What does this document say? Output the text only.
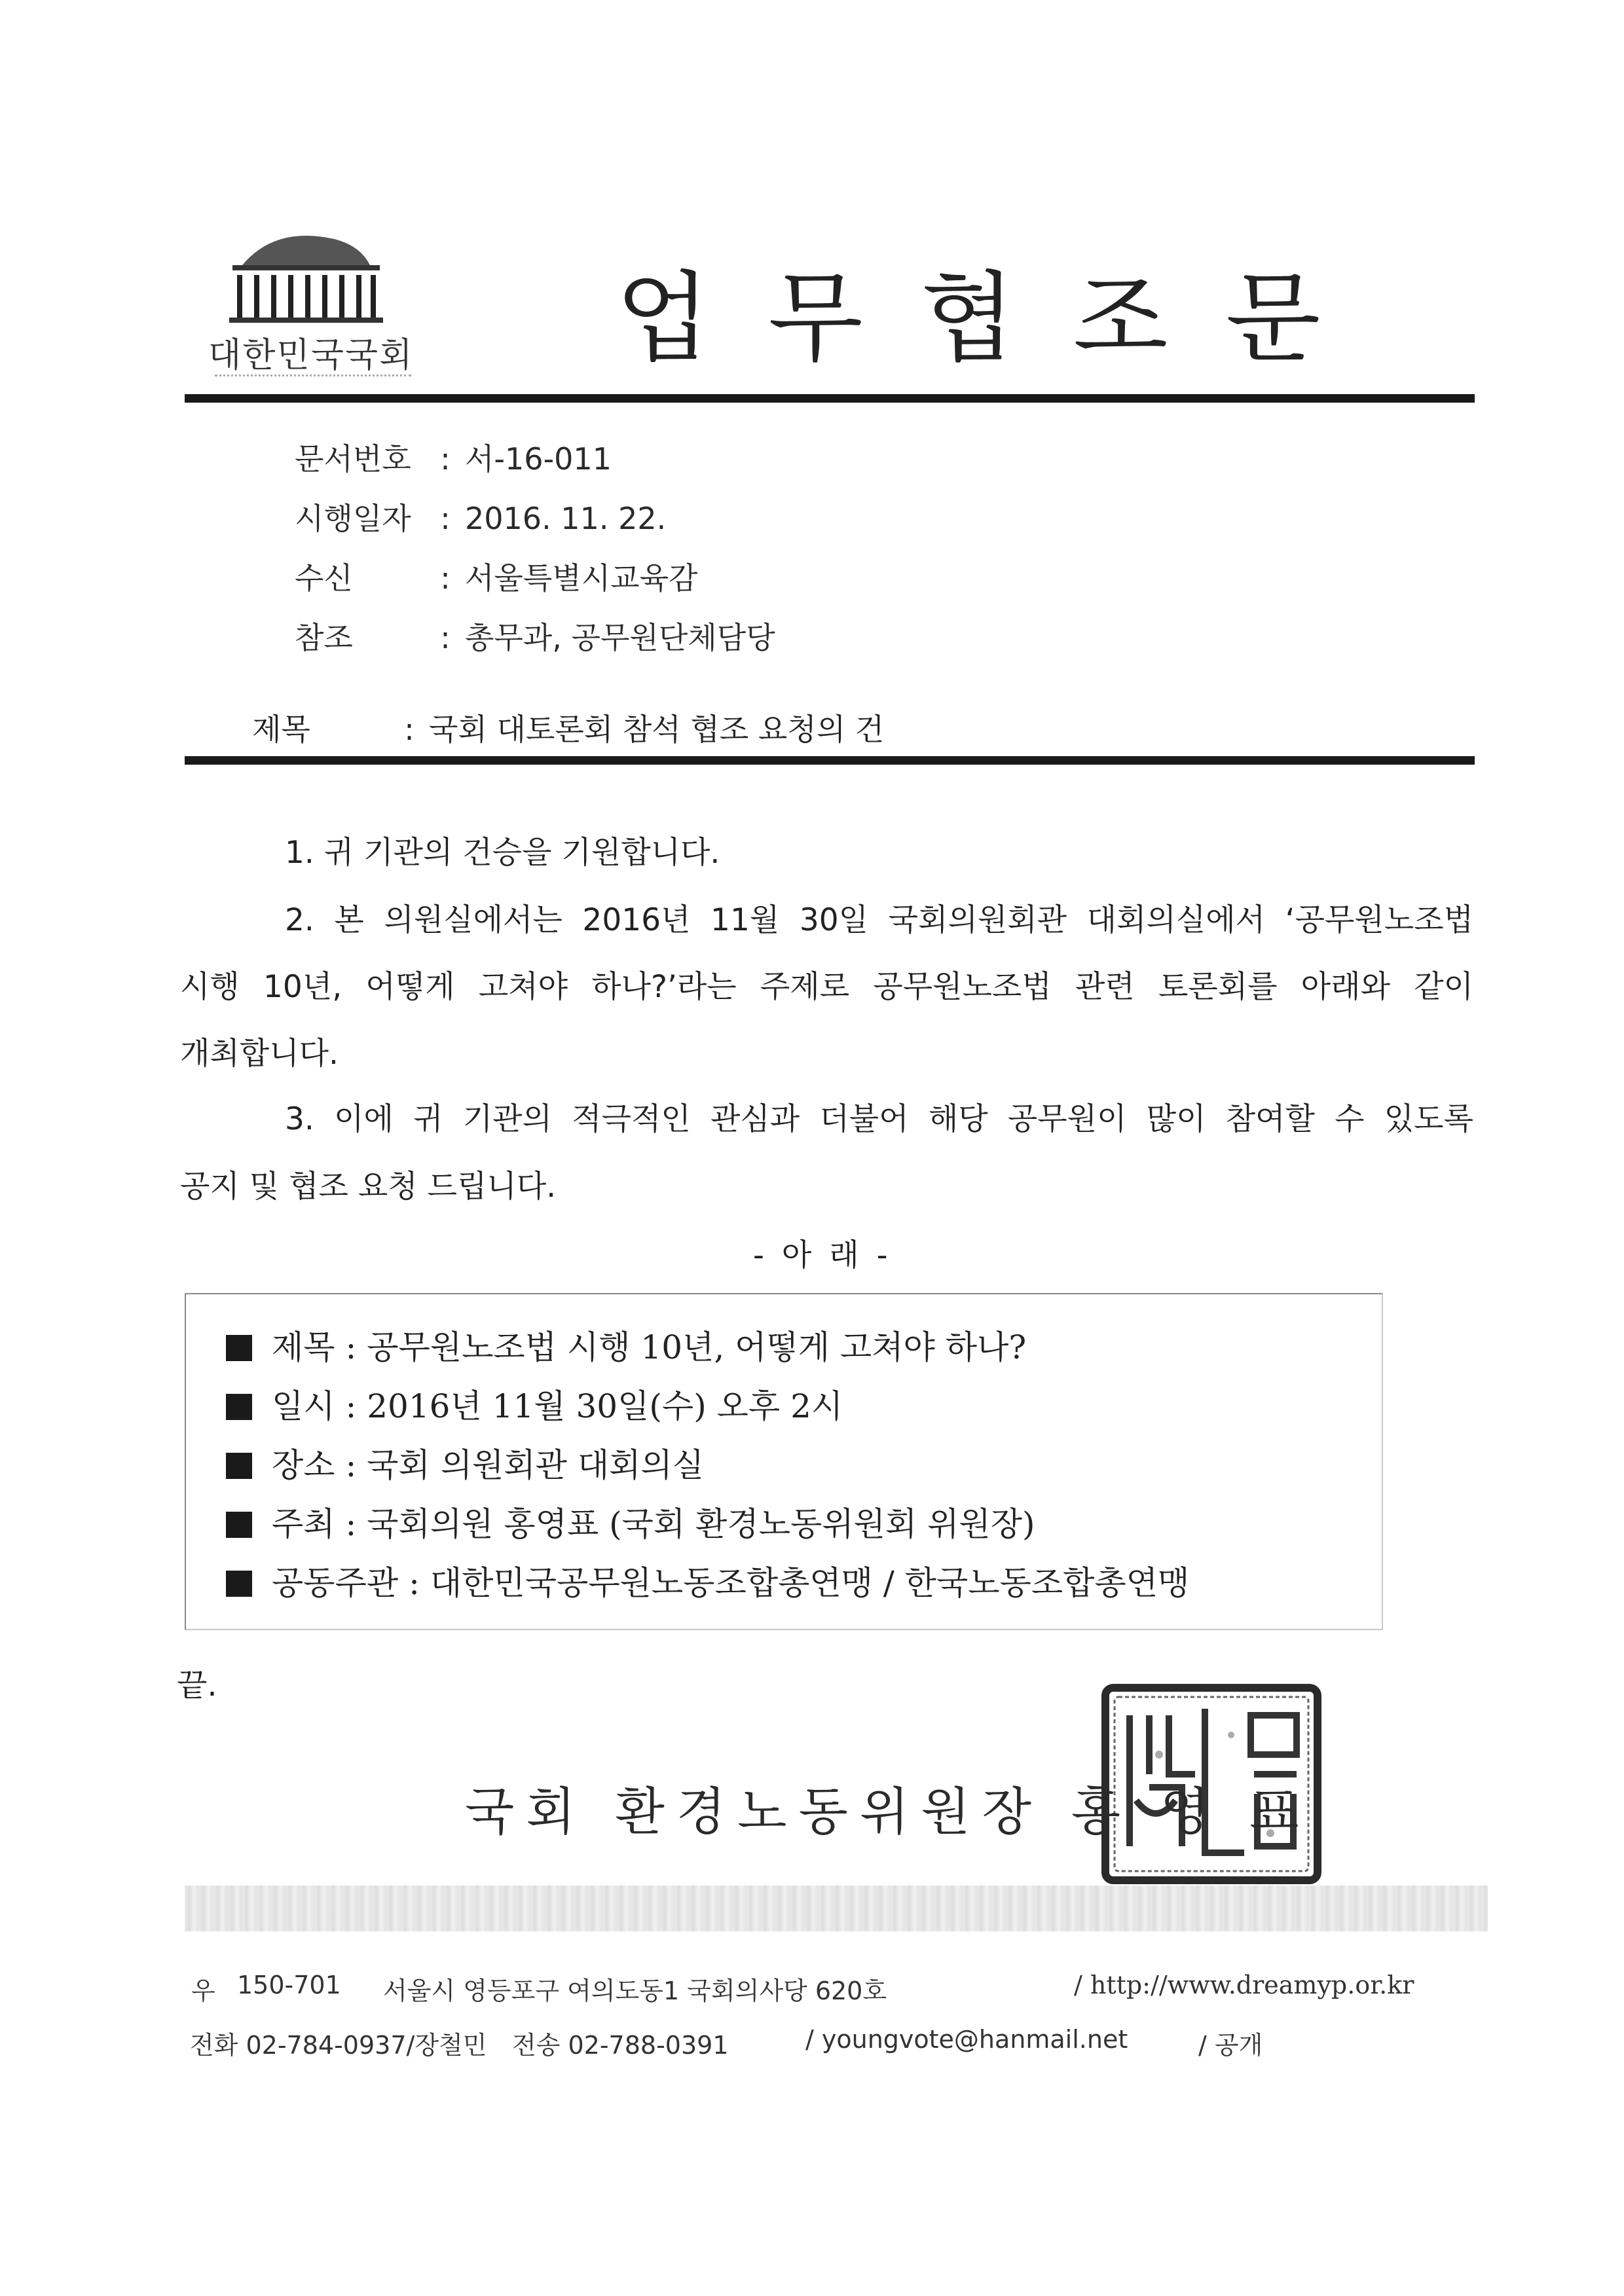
대한민국국회 업무협조문
문서번호 : 서-16-011
시행일자 : 2016. 11. 22.
수신	: 서울특별시교육감
참조	: 총무과, 공무원단체담당
제목	: 국회 대토론회 참석 협조 요청의 건
1. 귀 기관의 건승을 기원합니다.
2. 본 의원실에서는 2016년 11월 30일 국회의원회관 대회의실에서 ‘공무원노조법
시행 10년, 어떻게 고쳐야 하나?’라는 주제로 공무원노조법 관련 토론회를 아래와 같이
개최합니다.
3. 이에 귀 기관의 적극적인 관심과 더불어 해당 공무원이 많이 참여할 수 있도록
공지 및 협조 요청 드립니다.
- 아 래 -
제목 : 공무원노조법 시행 10년, 어떻게 고쳐야 하나?
일시 : 2016년 11월 30일(수) 오후 2시
장소 : 국회 의원회관 대회의실
주최 : 국회의원 홍영표 (국회 환경노동위원회 위원장)
공동주관 : 대한민국공무원노동조합총연맹 / 한국노동조합총연맹
끝.
국회 환경노동위원장 홍 영 표
우 150-701 서울시 영등포구 여의도동1 국회의사당 620호	/ http://www.dreamyp.or.kr
전화 02-784-0937/장철민 전송 02-788-0391	/ youngvote@hanmail.net	/ 공개
